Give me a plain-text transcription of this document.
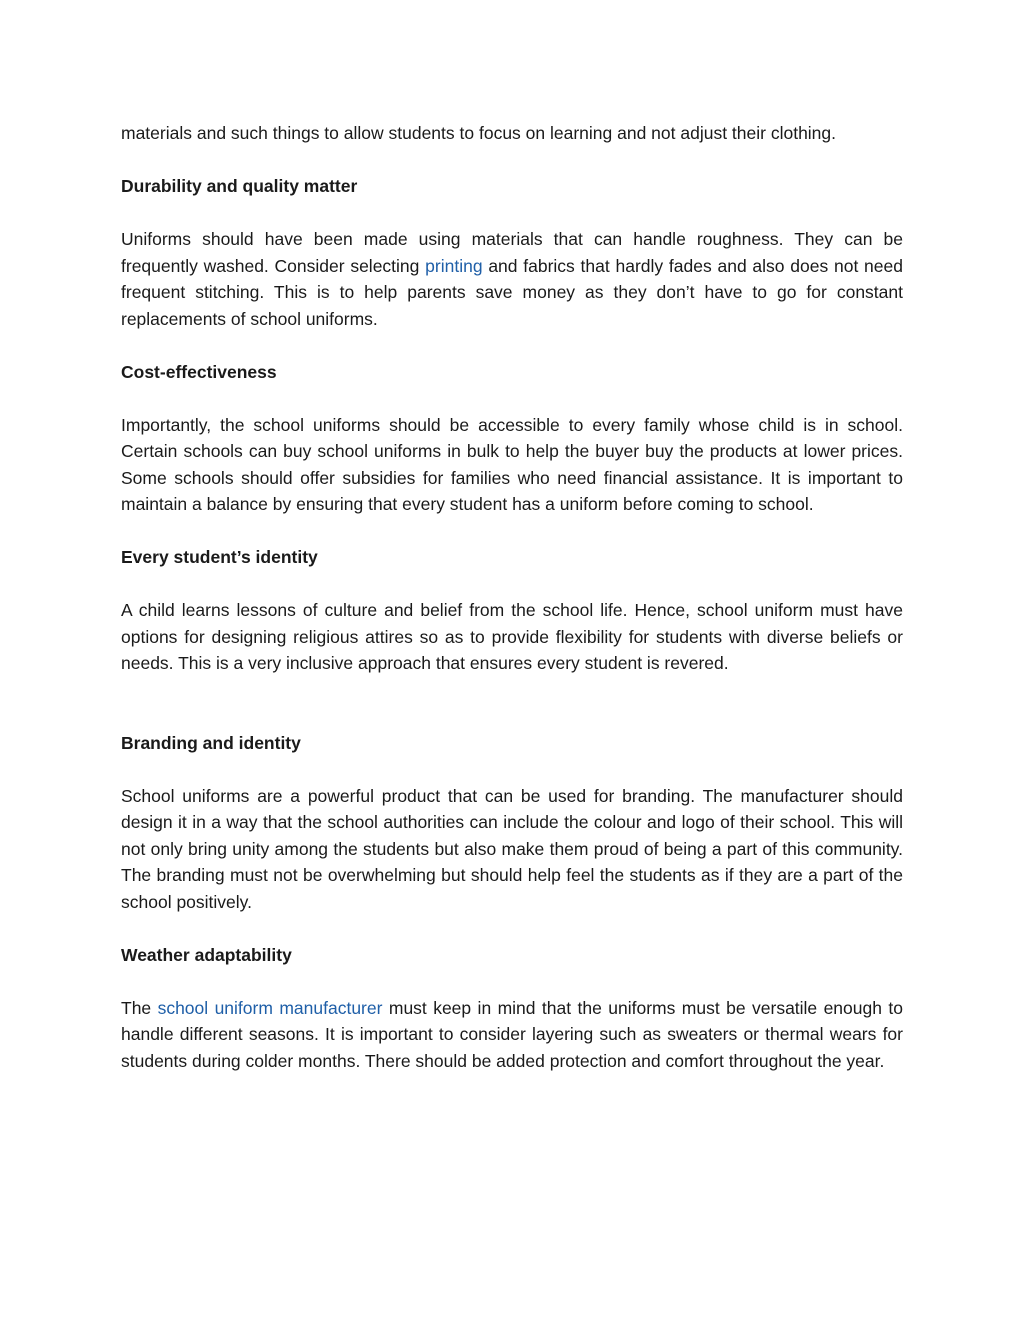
materials and such things to allow students to focus on learning and not adjust their clothing.

Durability and quality matter

Uniforms should have been made using materials that can handle roughness. They can be frequently washed. Consider selecting printing and fabrics that hardly fades and also does not need frequent stitching. This is to help parents save money as they don’t have to go for constant replacements of school uniforms.

Cost-effectiveness

Importantly, the school uniforms should be accessible to every family whose child is in school. Certain schools can buy school uniforms in bulk to help the buyer buy the products at lower prices. Some schools should offer subsidies for families who need financial assistance. It is important to maintain a balance by ensuring that every student has a uniform before coming to school.

Every student’s identity

A child learns lessons of culture and belief from the school life. Hence, school uniform must have options for designing religious attires so as to provide flexibility for students with diverse beliefs or needs. This is a very inclusive approach that ensures every student is revered.

Branding and identity

School uniforms are a powerful product that can be used for branding. The manufacturer should design it in a way that the school authorities can include the colour and logo of their school. This will not only bring unity among the students but also make them proud of being a part of this community. The branding must not be overwhelming but should help feel the students as if they are a part of the school positively.

Weather adaptability

The school uniform manufacturer must keep in mind that the uniforms must be versatile enough to handle different seasons. It is important to consider layering such as sweaters or thermal wears for students during colder months. There should be added protection and comfort throughout the year.
